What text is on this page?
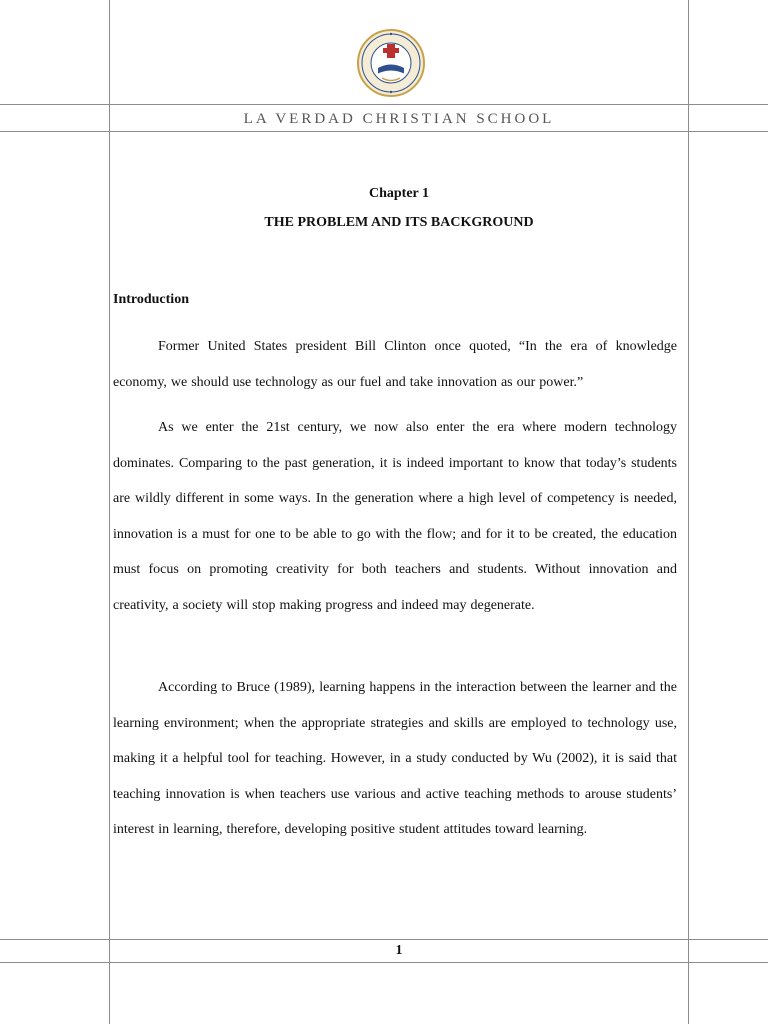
LA VERDAD CHRISTIAN SCHOOL
Chapter 1
THE PROBLEM AND ITS BACKGROUND
Introduction

Former United States president Bill Clinton once quoted, “In the era of knowledge economy, we should use technology as our fuel and take innovation as our power.”

As we enter the 21st century, we now also enter the era where modern technology dominates. Comparing to the past generation, it is indeed important to know that today’s students are wildly different in some ways. In the generation where a high level of competency is needed, innovation is a must for one to be able to go with the flow; and for it to be created, the education must focus on promoting creativity for both teachers and students. Without innovation and creativity, a society will stop making progress and indeed may degenerate.

According to Bruce (1989), learning happens in the interaction between the learner and the learning environment; when the appropriate strategies and skills are employed to technology use, making it a helpful tool for teaching. However, in a study conducted by Wu (2002), it is said that teaching innovation is when teachers use various and active teaching methods to arouse students’ interest in learning, therefore, developing positive student attitudes toward learning.

1
